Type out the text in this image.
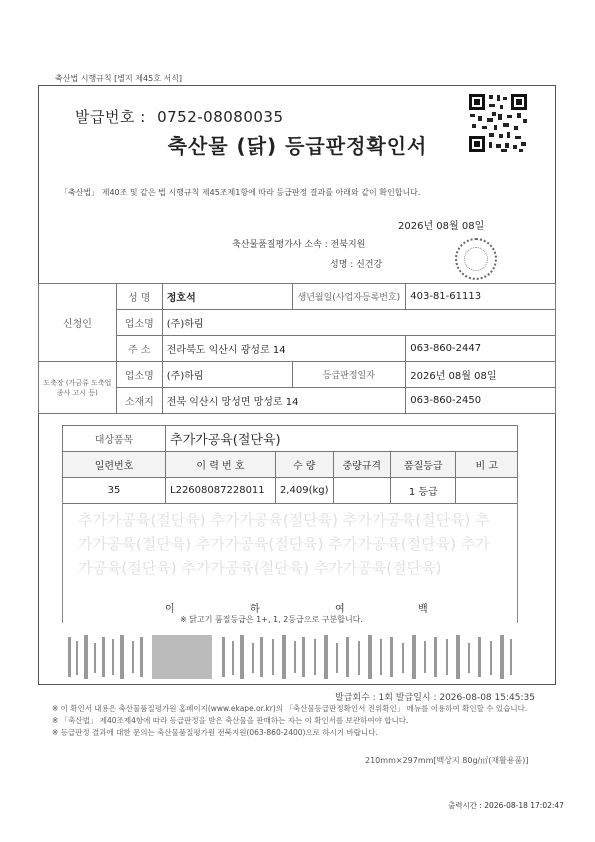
축산법 시행규칙 [별지 제45호 서식]
발급번호 : 0752-08080035
축산물 (닭) 등급판정확인서
「축산법」 제40조 및 같은 법 시행규칙 제45조제1항에 따라 등급판정 결과를 아래와 같이 확인합니다.
2026년 08월 08일
축산물품질평가사 소속 : 전북지원
성명 : 신건강
신청인	성 명	정호석	생년월일(사업자등록번호)	403-81-61113
	업소명	(주)하림		
	주 소	전라북도 익산시 광성로 14		063-860-2447
도축장 (가금류 도축업 종사 고시 등)	업소명	(주)하림	등급판정일자	2026년 08월 08일
	소재지	전북 익산시 망성면 망성로 14		063-860-2450
대상품목	추가가공육(절단육)				
일련번호	이 력 번 호	수 량	중량규격	품질등급	비 고
35	L22608087228011	2,409(kg)		1 등급	
추가가공육(절단육) 추가가공육(절단육) 추가가공육(절단육) 추가가공육(절단육) 추가가공육(절단육) 추가가공육(절단육) 추가가공육(절단육) 추가가공육(절단육) 추가가공육(절단육)
이	하	여	백
※ 닭고기 품질등급은 1+, 1, 2등급으로 구분합니다.
발급회수 : 1회 발급일시 : 2026-08-08 15:45:35
※ 이 확인서 내용은 축산물품질평가원 홈페이지(www.ekape.or.kr)의 「축산물등급판정확인서 진위확인」 메뉴를 이용하여 확인할 수 있습니다.
※ 「축산법」 제40조제4항에 따라 등급판정을 받은 축산물을 판매하는 자는 이 확인서를 보관하여야 합니다.
※ 등급판정 결과에 대한 문의는 축산물품질평가원 전북지원(063-860-2400)으로 하시기 바랍니다.
210mm×297mm[백상지 80g/㎡(재활용품)]
출력시간 : 2026-08-18 17:02:47
